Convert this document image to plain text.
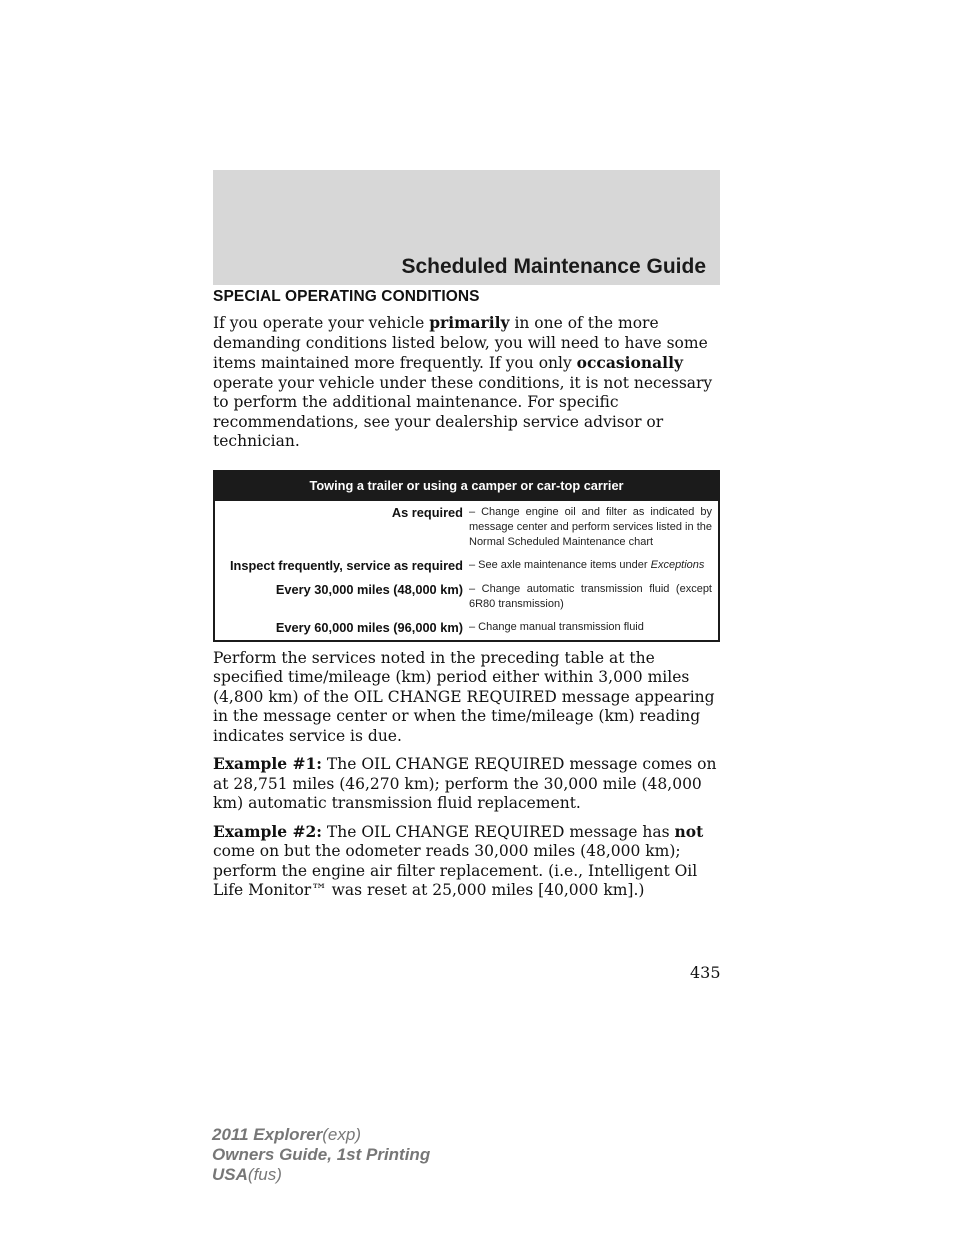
Scheduled Maintenance Guide
SPECIAL OPERATING CONDITIONS

If you operate your vehicle primarily in one of the more demanding conditions listed below, you will need to have some items maintained more frequently. If you only occasionally operate your vehicle under these conditions, it is not necessary to perform the additional maintenance. For specific recommendations, see your dealership service advisor or technician.

Towing a trailer or using a camper or car-top carrier
As required – Change engine oil and filter as indicated by message center and perform services listed in the Normal Scheduled Maintenance chart
Inspect frequently, service as required – See axle maintenance items under Exceptions
Every 30,000 miles (48,000 km) – Change automatic transmission fluid (except 6R80 transmission)
Every 60,000 miles (96,000 km) – Change manual transmission fluid

Perform the services noted in the preceding table at the specified time/mileage (km) period either within 3,000 miles (4,800 km) of the OIL CHANGE REQUIRED message appearing in the message center or when the time/mileage (km) reading indicates service is due.

Example #1: The OIL CHANGE REQUIRED message comes on at 28,751 miles (46,270 km); perform the 30,000 mile (48,000 km) automatic transmission fluid replacement.

Example #2: The OIL CHANGE REQUIRED message has not come on but the odometer reads 30,000 miles (48,000 km); perform the engine air filter replacement. (i.e., Intelligent Oil Life Monitor™ was reset at 25,000 miles [40,000 km].)

435
2011 Explorer(exp)
Owners Guide, 1st Printing
USA(fus)
